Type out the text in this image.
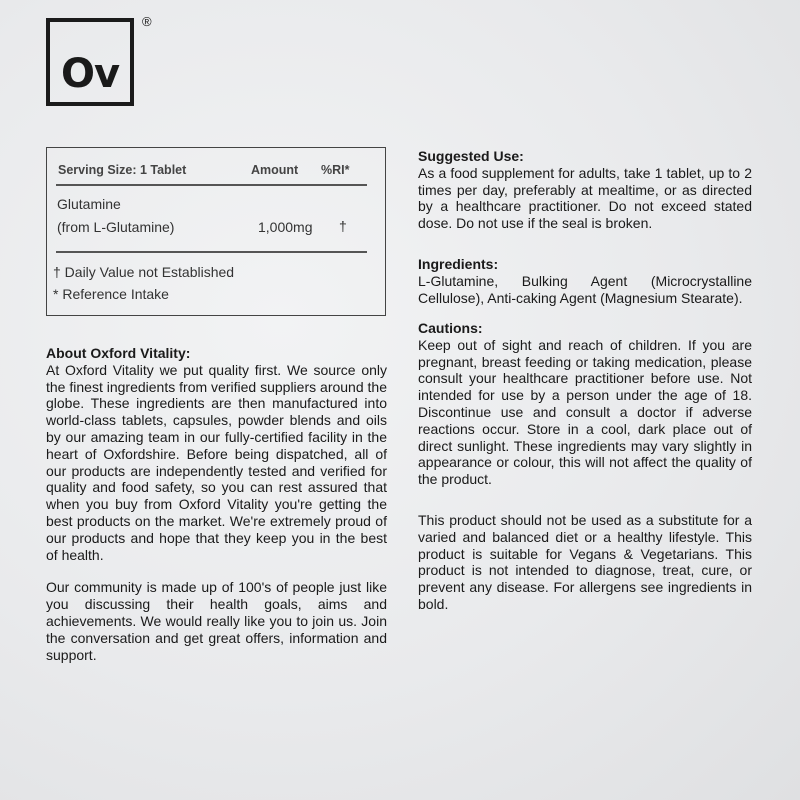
Ov
®
Serving Size: 1 Tablet	Amount %RI*
Glutamine
(from L-Glutamine)	1,000mg †
† Daily Value not Established
* Reference Intake
About Oxford Vitality:

At Oxford Vitality we put quality first. We source only the finest ingredients from verified suppliers around the globe. These ingredients are then manufactured into world-class tablets, capsules, powder blends and oils by our amazing team in our fully-certified facility in the heart of Oxfordshire. Before being dispatched, all of our products are independently tested and verified for quality and food safety, so you can rest assured that when you buy from Oxford Vitality you're getting the best products on the market. We're extremely proud of our products and hope that they keep you in the best of health.

Our community is made up of 100's of people just like you discussing their health goals, aims and achievements. We would really like you to join us. Join the conversation and get great offers, information and support.

Suggested Use:

As a food supplement for adults, take 1 tablet, up to 2 times per day, preferably at mealtime, or as directed by a healthcare practitioner. Do not exceed stated dose. Do not use if the seal is broken.

Ingredients:

L-Glutamine, Bulking Agent (Microcrystalline Cellulose), Anti-caking Agent (Magnesium Stearate).

Cautions:

Keep out of sight and reach of children. If you are pregnant, breast feeding or taking medication, please consult your healthcare practitioner before use. Not intended for use by a person under the age of 18. Discontinue use and consult a doctor if adverse reactions occur. Store in a cool, dark place out of direct sunlight. These ingredients may vary slightly in appearance or colour, this will not affect the quality of the product.

This product should not be used as a substitute for a varied and balanced diet or a healthy lifestyle. This product is suitable for Vegans & Vegetarians. This product is not intended to diagnose, treat, cure, or prevent any disease. For allergens see ingredients in bold.
